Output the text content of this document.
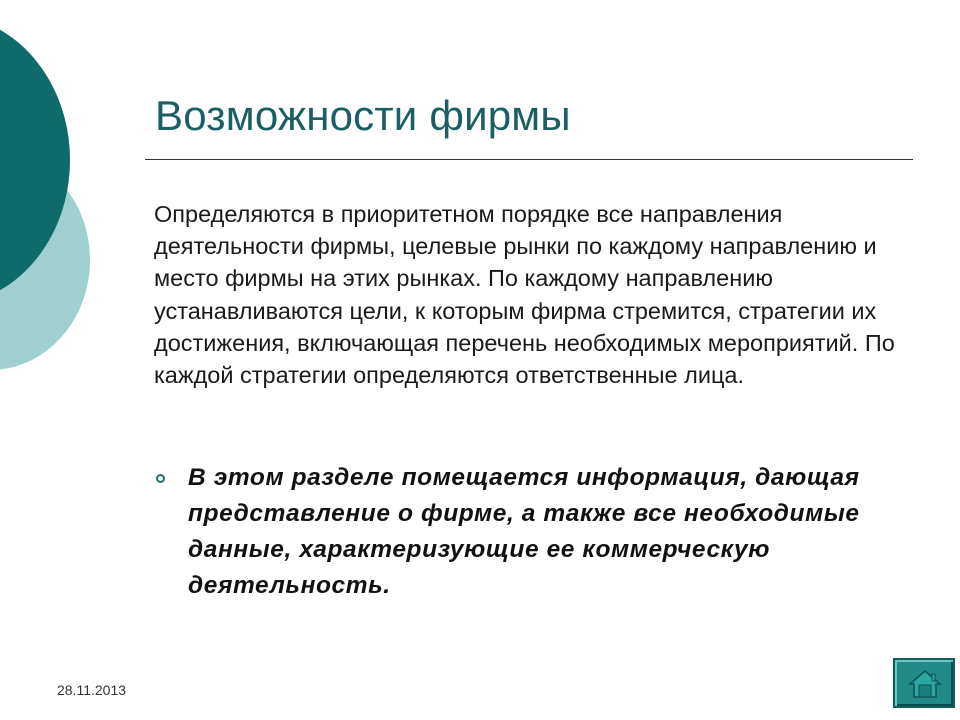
Возможности фирмы

Определяются в приоритетном порядке все направления деятельности фирмы, целевые рынки по каждому направлению и место фирмы на этих рынках. По каждому направлению устанавливаются цели, к которым фирма стремится, стратегии их достижения, включающая перечень необходимых мероприятий. По каждой стратегии определяются ответственные лица.

В этом разделе помещается информация, дающая представление о фирме, а также все необходимые данные, характеризующие ее коммерческую деятельность.

28.11.2013
